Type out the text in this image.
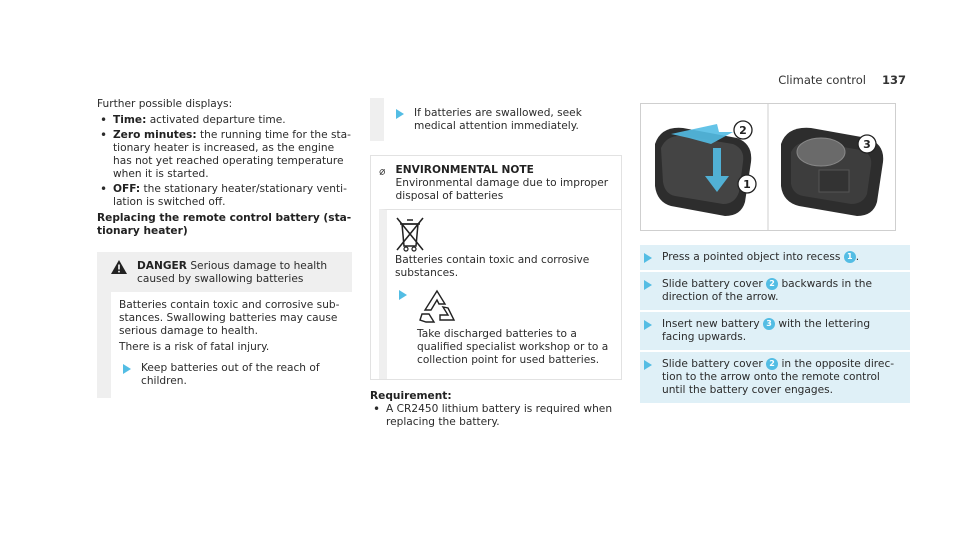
Climate control 137

Further possible displays:

• Time: activated departure time.
• Zero minutes: the running time for the stationary heater is increased, as the engine has not yet reached operating temperature when it is started.
• OFF: the stationary heater/stationary ventilation is switched off.

Replacing the remote control battery (stationary heater)

DANGER Serious damage to health caused by swallowing batteries

Batteries contain toxic and corrosive substances. Swallowing batteries may cause serious damage to health.

There is a risk of fatal injury.

Keep batteries out of the reach of children.
If batteries are swallowed, seek medical attention immediately.

ENVIRONMENTAL NOTE Environmental damage due to improper disposal of batteries

Batteries contain toxic and corrosive substances.

Take discharged batteries to a qualified specialist workshop or to a collection point for used batteries.

Requirement:

• A CR2450 lithium battery is required when replacing the battery.
2
1
3
Press a pointed object into recess 1 .
Slide battery cover 2 backwards in the direction of the arrow.
Insert new battery 3 with the lettering facing upwards.
Slide battery cover 2 in the opposite direction to the arrow onto the remote control until the battery cover engages.
